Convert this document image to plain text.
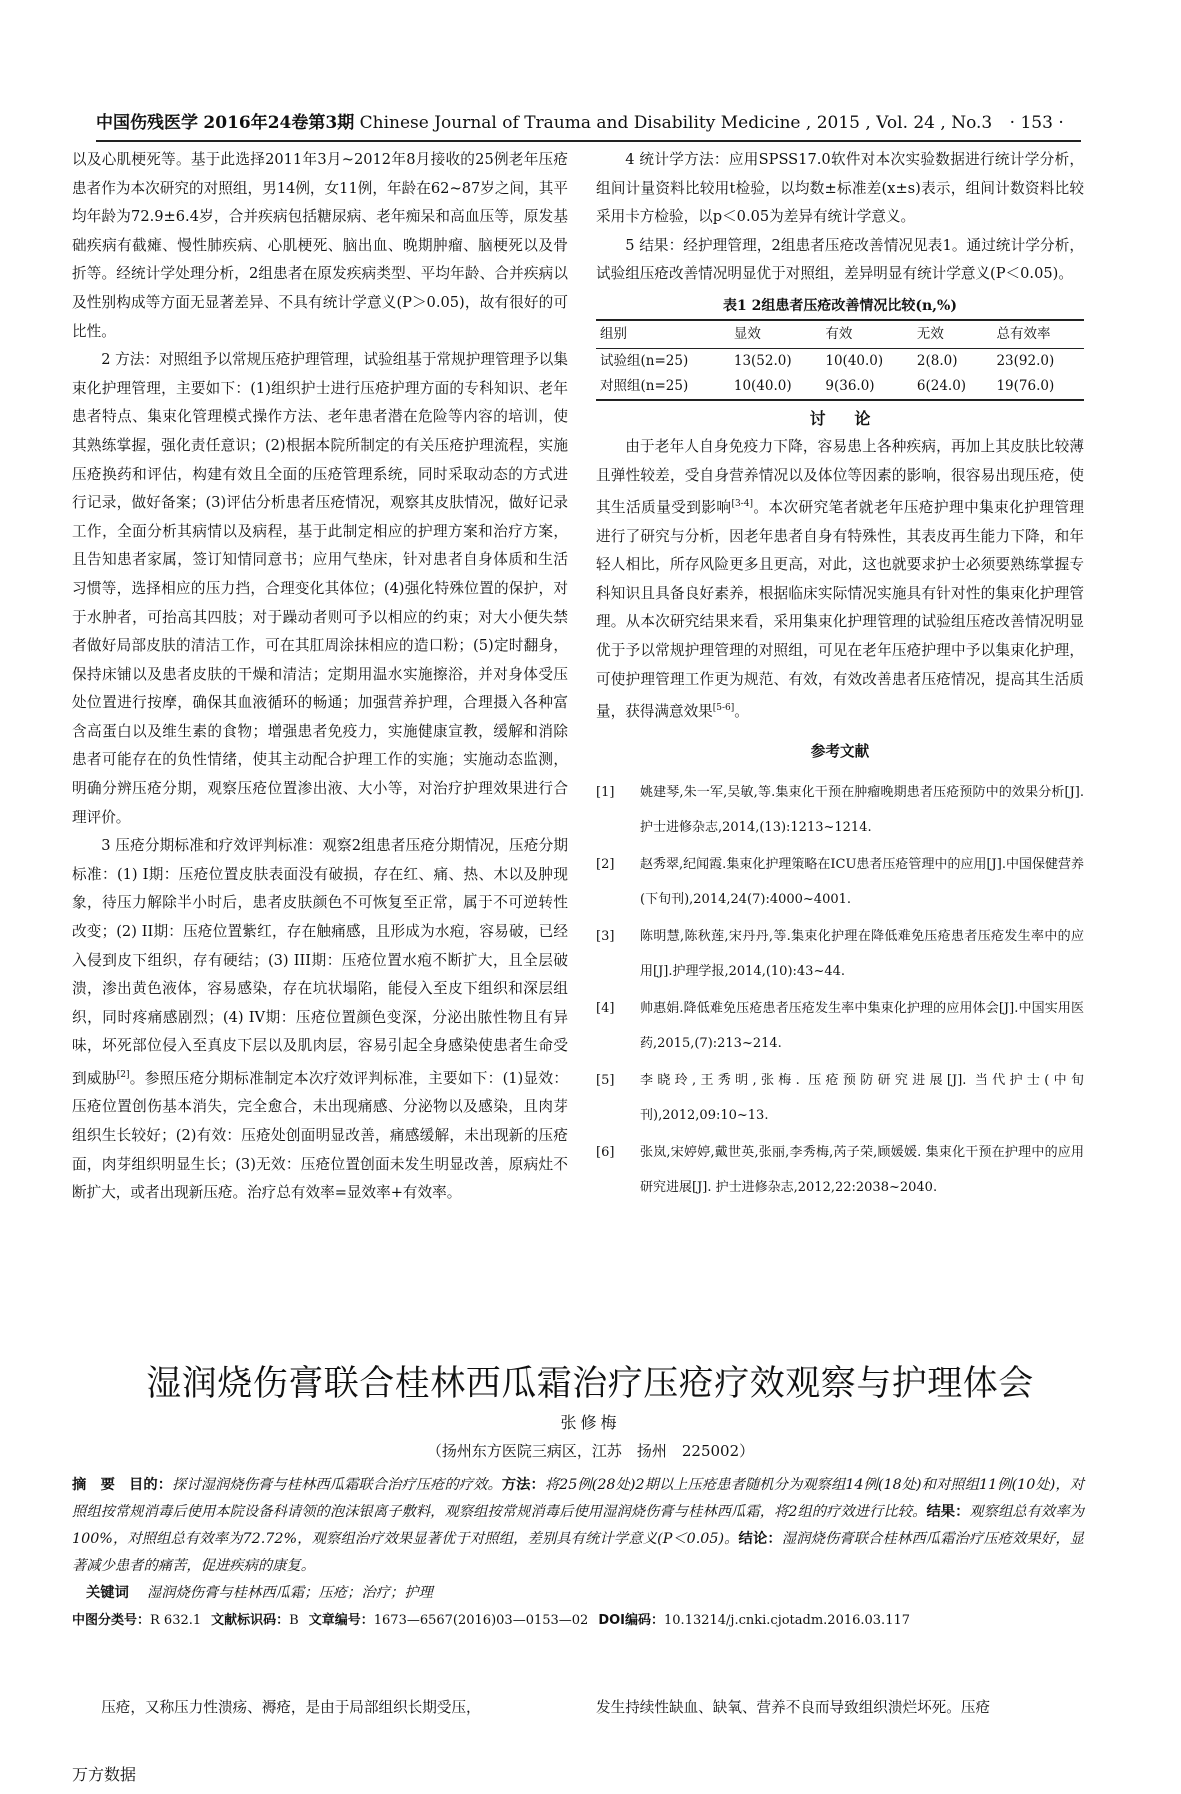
中国伤残医学 2016年24卷第3期 Chinese Journal of Trauma and Disability Medicine , 2015 , Vol. 24 , No.3 · 153 ·

以及心肌梗死等。基于此选择2011年3月~2012年8月接收的25例老年压疮患者作为本次研究的对照组，男14例，女11例，年龄在62~87岁之间，其平均年龄为72.9±6.4岁，合并疾病包括糖尿病、老年痴呆和高血压等，原发基础疾病有截瘫、慢性肺疾病、心肌梗死、脑出血、晚期肿瘤、脑梗死以及骨折等。经统计学处理分析，2组患者在原发疾病类型、平均年龄、合并疾病以及性别构成等方面无显著差异、不具有统计学意义(P＞0.05)，故有很好的可比性。

2 方法：对照组予以常规压疮护理管理，试验组基于常规护理管理予以集束化护理管理，主要如下：(1)组织护士进行压疮护理方面的专科知识、老年患者特点、集束化管理模式操作方法、老年患者潜在危险等内容的培训，使其熟练掌握，强化责任意识；(2)根据本院所制定的有关压疮护理流程，实施压疮换药和评估，构建有效且全面的压疮管理系统，同时采取动态的方式进行记录，做好备案；(3)评估分析患者压疮情况，观察其皮肤情况，做好记录工作，全面分析其病情以及病程，基于此制定相应的护理方案和治疗方案，且告知患者家属，签订知情同意书；应用气垫床，针对患者自身体质和生活习惯等，选择相应的压力挡，合理变化其体位；(4)强化特殊位置的保护，对于水肿者，可抬高其四肢；对于躁动者则可予以相应的约束；对大小便失禁者做好局部皮肤的清洁工作，可在其肛周涂抹相应的造口粉；(5)定时翻身，保持床铺以及患者皮肤的干燥和清洁；定期用温水实施擦浴，并对身体受压处位置进行按摩，确保其血液循环的畅通；加强营养护理，合理摄入各种富含高蛋白以及维生素的食物；增强患者免疫力，实施健康宣教，缓解和消除患者可能存在的负性情绪，使其主动配合护理工作的实施；实施动态监测，明确分辨压疮分期，观察压疮位置渗出液、大小等，对治疗护理效果进行合理评价。

3 压疮分期标准和疗效评判标准：观察2组患者压疮分期情况，压疮分期标准：(1) I期：压疮位置皮肤表面没有破损，存在红、痛、热、木以及肿现象，待压力解除半小时后，患者皮肤颜色不可恢复至正常，属于不可逆转性改变；(2) II期：压疮位置紫红，存在触痛感，且形成为水疱，容易破，已经入侵到皮下组织，存有硬结；(3) III期：压疮位置水疱不断扩大，且全层破溃，渗出黄色液体，容易感染，存在坑状塌陷，能侵入至皮下组织和深层组织，同时疼痛感剧烈；(4) IV期：压疮位置颜色变深，分泌出脓性物且有异味，坏死部位侵入至真皮下层以及肌肉层，容易引起全身感染使患者生命受到威胁[2]。参照压疮分期标准制定本次疗效评判标准，主要如下：(1)显效：压疮位置创伤基本消失，完全愈合，未出现痛感、分泌物以及感染，且肉芽组织生长较好；(2)有效：压疮处创面明显改善，痛感缓解，未出现新的压疮面，肉芽组织明显生长；(3)无效：压疮位置创面未发生明显改善，原病灶不断扩大，或者出现新压疮。治疗总有效率=显效率+有效率。

4 统计学方法：应用SPSS17.0软件对本次实验数据进行统计学分析，组间计量资料比较用t检验，以均数±标准差(x±s)表示，组间计数资料比较采用卡方检验，以p＜0.05为差异有统计学意义。

5 结果：经护理管理，2组患者压疮改善情况见表1。通过统计学分析，试验组压疮改善情况明显优于对照组，差异明显有统计学意义(P＜0.05)。

表1 2组患者压疮改善情况比较(n,%)
组别	显效	有效	无效	总有效率
试验组(n=25)	13(52.0)	10(40.0)	2(8.0)	23(92.0)
对照组(n=25)	10(40.0)	9(36.0)	6(24.0)	19(76.0)
讨论

由于老年人自身免疫力下降，容易患上各种疾病，再加上其皮肤比较薄且弹性较差，受自身营养情况以及体位等因素的影响，很容易出现压疮，使其生活质量受到影响[3-4]。本次研究笔者就老年压疮护理中集束化护理管理进行了研究与分析，因老年患者自身有特殊性，其表皮再生能力下降，和年轻人相比，所存风险更多且更高，对此，这也就要求护士必须要熟练掌握专科知识且具备良好素养，根据临床实际情况实施具有针对性的集束化护理管理。从本次研究结果来看，采用集束化护理管理的试验组压疮改善情况明显优于予以常规护理管理的对照组，可见在老年压疮护理中予以集束化护理，可使护理管理工作更为规范、有效，有效改善患者压疮情况，提高其生活质量，获得满意效果[5-6]。

参考文献
[1]	姚建琴,朱一军,吴敏,等.集束化干预在肿瘤晚期患者压疮预防中的效果分析[J].护士进修杂志,2014,(13):1213~1214.
[2]	赵秀翠,纪闻霞.集束化护理策略在ICU患者压疮管理中的应用[J].中国保健营养(下旬刊),2014,24(7):4000~4001.
[3]	陈明慧,陈秋莲,宋丹丹,等.集束化护理在降低难免压疮患者压疮发生率中的应用[J].护理学报,2014,(10):43~44.
[4]	帅惠娟.降低难免压疮患者压疮发生率中集束化护理的应用体会[J].中国实用医药,2015,(7):213~214.
[5]	李晓玲,王秀明,张梅. 压疮预防研究进展[J]. 当代护士(中旬刊),2012,09:10~13.
[6]	张岚,宋婷婷,戴世英,张丽,李秀梅,芮子荣,顾媛媛. 集束化干预在护理中的应用研究进展[J]. 护士进修杂志,2012,22:2038~2040.
湿润烧伤膏联合桂林西瓜霜治疗压疮疗效观察与护理体会
张修梅
（扬州东方医院三病区，江苏　扬州　225002）

摘　要 目的：探讨湿润烧伤膏与桂林西瓜霜联合治疗压疮的疗效。方法：将25例(28处)2期以上压疮患者随机分为观察组14例(18处)和对照组11例(10处)，对照组按常规消毒后使用本院设备科请领的泡沫银离子敷料，观察组按常规消毒后使用湿润烧伤膏与桂林西瓜霜，将2组的疗效进行比较。结果：观察组总有效率为100%，对照组总有效率为72.72%，观察组治疗效果显著优于对照组，差别具有统计学意义(P＜0.05)。结论：湿润烧伤膏联合桂林西瓜霜治疗压疮效果好，显著减少患者的痛苦，促进疾病的康复。

关键词 湿润烧伤膏与桂林西瓜霜；压疮；治疗；护理

中图分类号：R 632.1 文献标识码：B 文章编号：1673—6567(2016)03—0153—02 DOI编码：10.13214/j.cnki.cjotadm.2016.03.117

压疮，又称压力性溃疡、褥疮，是由于局部组织长期受压，	发生持续性缺血、缺氧、营养不良而导致组织溃烂坏死。压疮
万方数据
